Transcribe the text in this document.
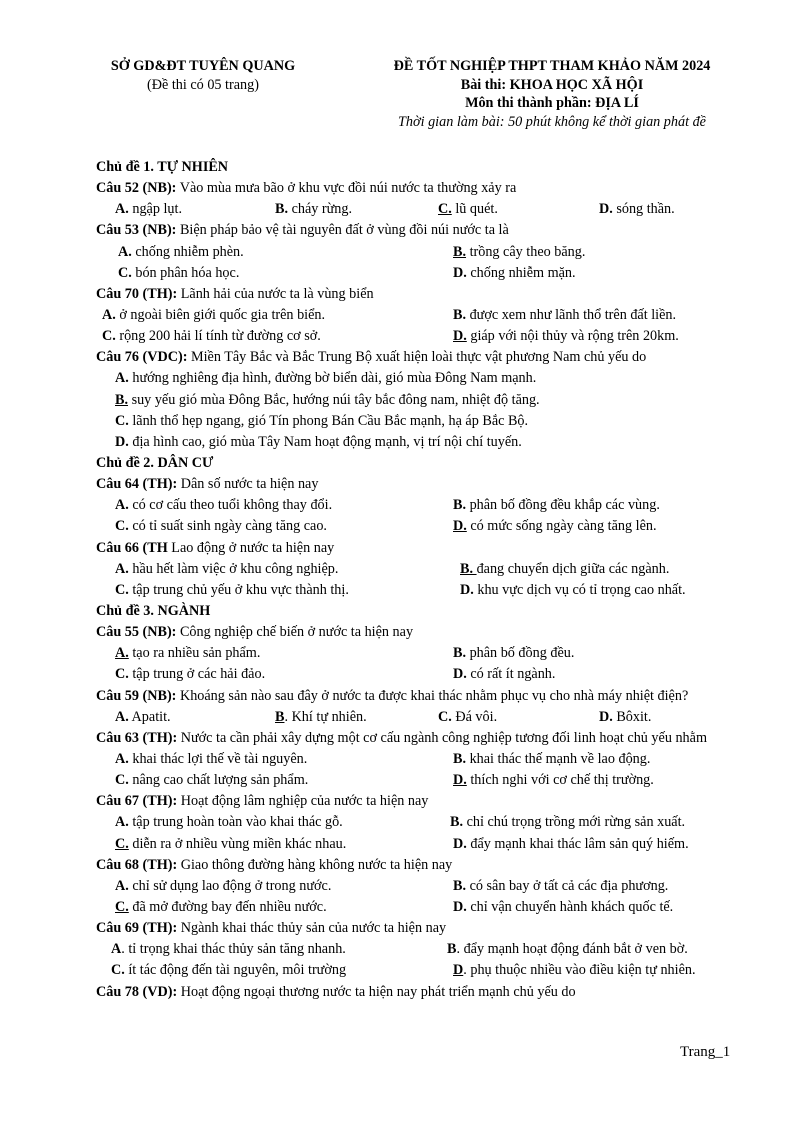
SỞ GD&ĐT TUYÊN QUANG
(Đề thi có 05 trang)
ĐỀ TỐT NGHIỆP THPT THAM KHẢO NĂM 2024
Bài thi: KHOA HỌC XÃ HỘI
Môn thi thành phần: ĐỊA LÍ
Thời gian làm bài: 50 phút không kể thời gian phát đề
Chủ đề 1. TỰ NHIÊN
Câu 52 (NB): Vào mùa mưa bão ở khu vực đồi núi nước ta thường xảy ra
A. ngập lụt.	B. cháy rừng.	C. lũ quét.	D. sóng thần.
Câu 53 (NB): Biện pháp bảo vệ tài nguyên đất ở vùng đồi núi nước ta là
A. chống nhiễm phèn.	B. trồng cây theo băng.
C. bón phân hóa học.	D. chống nhiễm mặn.
Câu 70 (TH): Lãnh hải của nước ta là vùng biển
A. ở ngoài biên giới quốc gia trên biển.	B. được xem như lãnh thổ trên đất liền.
C. rộng 200 hải lí tính từ đường cơ sở.	D. giáp với nội thủy và rộng trên 20km.
Câu 76 (VDC): Miền Tây Bắc và Bắc Trung Bộ xuất hiện loài thực vật phương Nam chủ yếu do
A. hướng nghiêng địa hình, đường bờ biển dài, gió mùa Đông Nam mạnh.
B. suy yếu gió mùa Đông Bắc, hướng núi tây bắc đông nam, nhiệt độ tăng.
C. lãnh thổ hẹp ngang, gió Tín phong Bán Cầu Bắc mạnh, hạ áp Bắc Bộ.
D. địa hình cao, gió mùa Tây Nam hoạt động mạnh, vị trí nội chí tuyến.
Chủ đề 2. DÂN CƯ
Câu 64 (TH): Dân số nước ta hiện nay
A. có cơ cấu theo tuổi không thay đổi.	B. phân bố đồng đều khắp các vùng.
C. có tỉ suất sinh ngày càng tăng cao.	D. có mức sống ngày càng tăng lên.
Câu 66 (TH Lao động ở nước ta hiện nay
A. hầu hết làm việc ở khu công nghiệp.	B. đang chuyển dịch giữa các ngành.
C. tập trung chủ yếu ở khu vực thành thị.	D. khu vực dịch vụ có tỉ trọng cao nhất.
Chủ đề 3. NGÀNH
Câu 55 (NB): Công nghiệp chế biến ở nước ta hiện nay
A. tạo ra nhiều sản phẩm.	B. phân bố đồng đều.
C. tập trung ở các hải đảo.	D. có rất ít ngành.
Câu 59 (NB): Khoáng sản nào sau đây ở nước ta được khai thác nhằm phục vụ cho nhà máy nhiệt điện?
A. Apatit.	B. Khí tự nhiên.	C. Đá vôi.	D. Bôxit.
Câu 63 (TH): Nước ta cần phải xây dựng một cơ cấu ngành công nghiệp tương đối linh hoạt chủ yếu nhằm
A. khai thác lợi thế về tài nguyên.	B. khai thác thế mạnh về lao động.
C. nâng cao chất lượng sản phẩm.	D. thích nghi với cơ chế thị trường.
Câu 67 (TH): Hoạt động lâm nghiệp của nước ta hiện nay
A. tập trung hoàn toàn vào khai thác gỗ.	B. chỉ chú trọng trồng mới rừng sản xuất.
C. diễn ra ở nhiều vùng miền khác nhau.	D. đẩy mạnh khai thác lâm sản quý hiếm.
Câu 68 (TH): Giao thông đường hàng không nước ta hiện nay
A. chỉ sử dụng lao động ở trong nước.	B. có sân bay ở tất cả các địa phương.
C. đã mở đường bay đến nhiều nước.	D. chỉ vận chuyển hành khách quốc tế.
Câu 69 (TH): Ngành khai thác thủy sản của nước ta hiện nay
A. tỉ trọng khai thác thủy sản tăng nhanh.	B. đẩy mạnh hoạt động đánh bắt ở ven bờ.
C. ít tác động đến tài nguyên, môi trường	D. phụ thuộc nhiều vào điều kiện tự nhiên.
Câu 78 (VD): Hoạt động ngoại thương nước ta hiện nay phát triển mạnh chủ yếu do
Trang_1
